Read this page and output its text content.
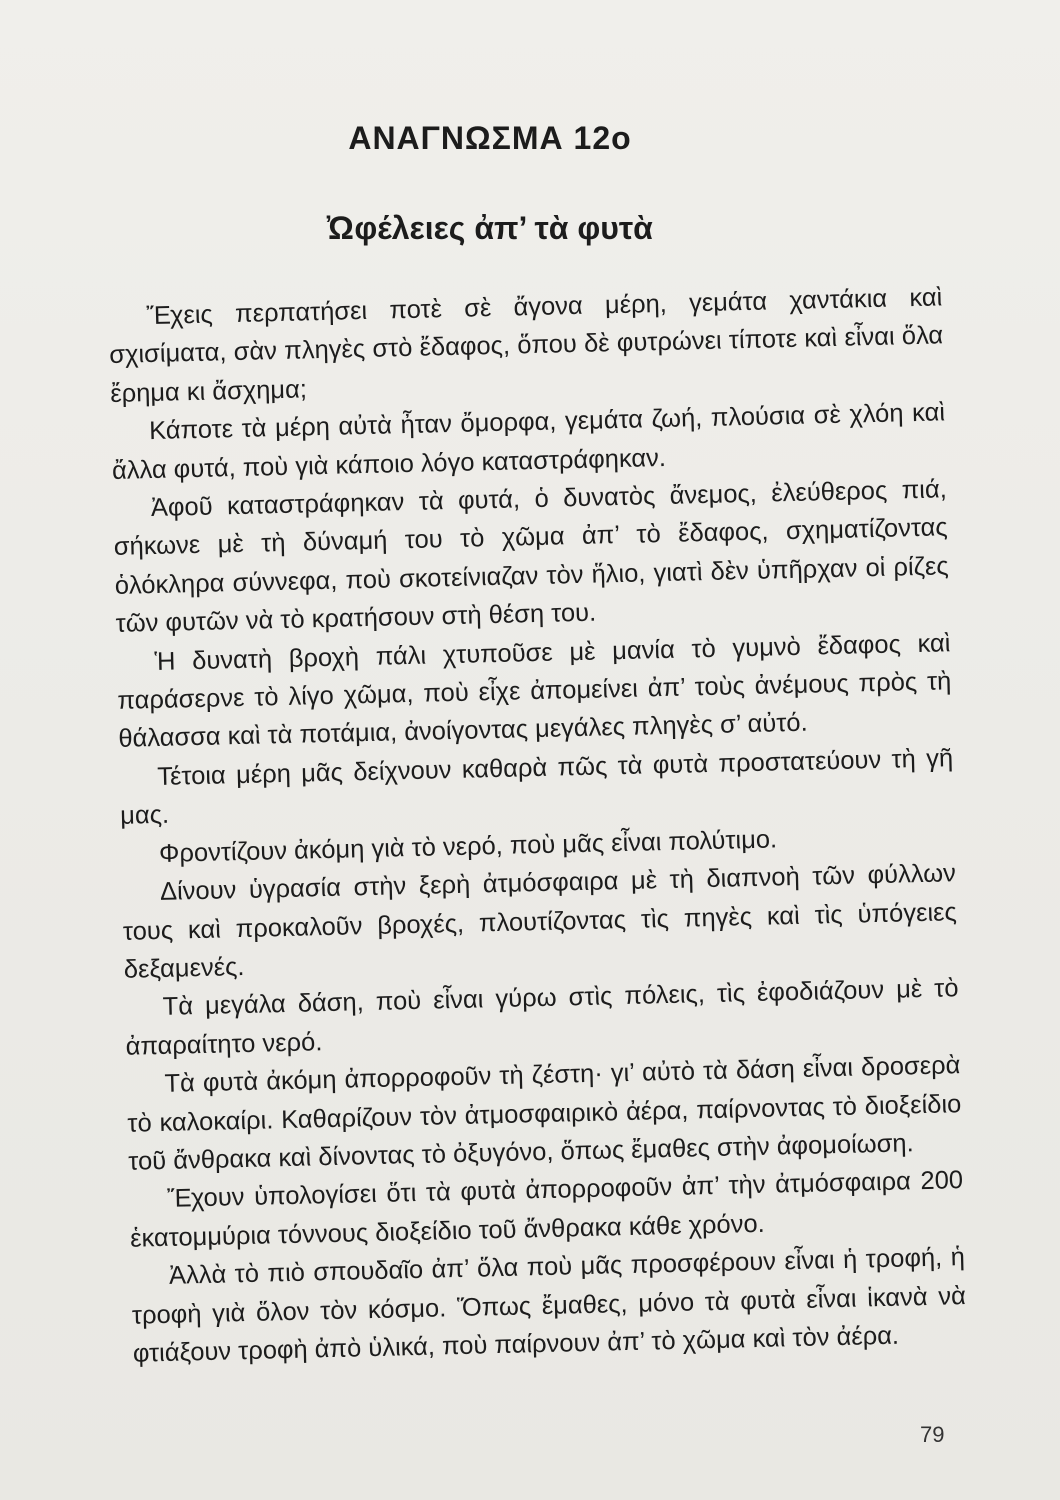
ΑΝΑΓΝΩΣΜΑ 12ο
Ὠφέλειες ἀπ’ τὰ φυτὰ

Ἔχεις περπατήσει ποτὲ σὲ ἄγονα μέρη, γεμάτα χαντάκια καὶ σχισίματα, σὰν πληγὲς στὸ ἔδαφος, ὅπου δὲ φυτρώνει τίποτε καὶ εἶναι ὅλα ἔρημα κι ἄσχημα;

Κάποτε τὰ μέρη αὐτὰ ἦταν ὄμορφα, γεμάτα ζωή, πλούσια σὲ χλόη καὶ ἄλλα φυτά, ποὺ γιὰ κάποιο λόγο καταστράφηκαν.

Ἀφοῦ καταστράφηκαν τὰ φυτά, ὁ δυνατὸς ἄνεμος, ἐλεύθερος πιά, σήκωνε μὲ τὴ δύναμή του τὸ χῶμα ἀπ’ τὸ ἔδαφος, σχηματίζοντας ὁλόκληρα σύννεφα, ποὺ σκοτείνιαζαν τὸν ἥλιο, γιατὶ δὲν ὑπῆρχαν οἱ ρίζες τῶν φυτῶν νὰ τὸ κρατήσουν στὴ θέση του.

Ἡ δυνατὴ βροχὴ πάλι χτυποῦσε μὲ μανία τὸ γυμνὸ ἔδαφος καὶ παράσερνε τὸ λίγο χῶμα, ποὺ εἶχε ἀπομείνει ἀπ’ τοὺς ἀνέμους πρὸς τὴ θάλασσα καὶ τὰ ποτάμια, ἀνοίγοντας μεγάλες πληγὲς σ’ αὐτό.

Τέτοια μέρη μᾶς δείχνουν καθαρὰ πῶς τὰ φυτὰ προστατεύουν τὴ γῆ μας.

Φροντίζουν ἀκόμη γιὰ τὸ νερό, ποὺ μᾶς εἶναι πολύτιμο.

Δίνουν ὑγρασία στὴν ξερὴ ἀτμόσφαιρα μὲ τὴ διαπνοὴ τῶν φύλλων τους καὶ προκαλοῦν βροχές, πλουτίζοντας τὶς πηγὲς καὶ τὶς ὑπόγειες δεξαμενές.

Τὰ μεγάλα δάση, ποὺ εἶναι γύρω στὶς πόλεις, τὶς ἐφοδιάζουν μὲ τὸ ἀπαραίτητο νερό.

Τὰ φυτὰ ἀκόμη ἀπορροφοῦν τὴ ζέστη· γι’ αὐτὸ τὰ δάση εἶναι δροσερὰ τὸ καλοκαίρι. Καθαρίζουν τὸν ἀτμοσφαιρικὸ ἀέρα, παίρνοντας τὸ διοξείδιο τοῦ ἄνθρακα καὶ δίνοντας τὸ ὀξυγόνο, ὅπως ἔμαθες στὴν ἀφομοίωση.

Ἔχουν ὑπολογίσει ὅτι τὰ φυτὰ ἀπορροφοῦν ἀπ’ τὴν ἀτμόσφαιρα 200 ἑκατομμύρια τόννους διοξείδιο τοῦ ἄνθρακα κάθε χρόνο.

Ἀλλὰ τὸ πιὸ σπουδαῖο ἀπ’ ὅλα ποὺ μᾶς προσφέρουν εἶναι ἡ τροφή, ἡ τροφὴ γιὰ ὅλον τὸν κόσμο. Ὅπως ἔμαθες, μόνο τὰ φυτὰ εἶναι ἱκανὰ νὰ φτιάξουν τροφὴ ἀπὸ ὑλικά, ποὺ παίρνουν ἀπ’ τὸ χῶμα καὶ τὸν ἀέρα.

79
